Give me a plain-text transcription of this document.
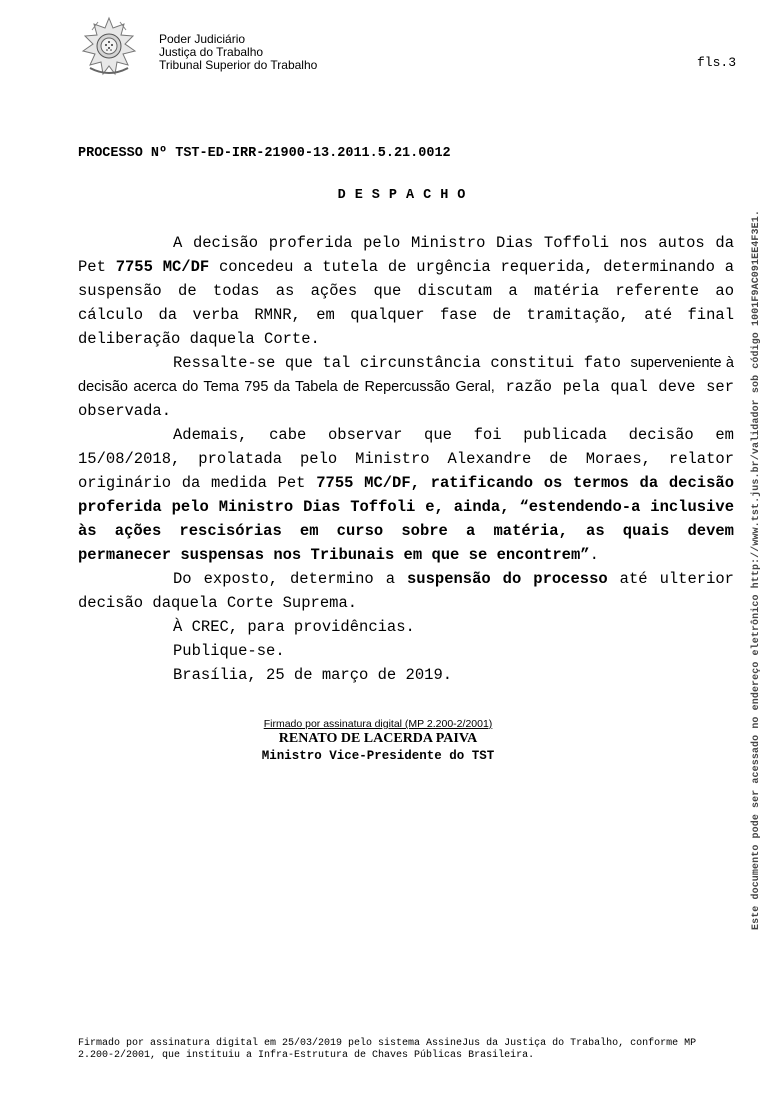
Poder Judiciário
Justiça do Trabalho
Tribunal Superior do Trabalho	fls.3
PROCESSO Nº TST-ED-IRR-21900-13.2011.5.21.0012
DESPACHO

A decisão proferida pelo Ministro Dias Toffoli nos autos da Pet 7755 MC/DF concedeu a tutela de urgência requerida, determinando a suspensão de todas as ações que discutam a matéria referente ao cálculo da verba RMNR, em qualquer fase de tramitação, até final deliberação daquela Corte.

Ressalte-se que tal circunstância constitui fato superveniente à decisão acerca do Tema 795 da Tabela de Repercussão Geral, razão pela qual deve ser observada.

Ademais, cabe observar que foi publicada decisão em 15/08/2018, prolatada pelo Ministro Alexandre de Moraes, relator originário da medida Pet 7755 MC/DF, ratificando os termos da decisão proferida pelo Ministro Dias Toffoli e, ainda, “estendendo-a inclusive às ações rescisórias em curso sobre a matéria, as quais devem permanecer suspensas nos Tribunais em que se encontrem”.

Do exposto, determino a suspensão do processo até ulterior decisão daquela Corte Suprema.

À CREC, para providências.

Publique-se.

Brasília, 25 de março de 2019.

Firmado por assinatura digital (MP 2.200-2/2001)
RENATO DE LACERDA PAIVA
Ministro Vice-Presidente do TST	Este documento pode ser acessado no endereço eletrônico http://www.tst.jus.br/validador sob código 1001F9AC091EE4F3E1.
Firmado por assinatura digital em 25/03/2019 pelo sistema AssineJus da Justiça do Trabalho, conforme MP 2.200-2/2001, que instituiu a Infra-Estrutura de Chaves Públicas Brasileira.
